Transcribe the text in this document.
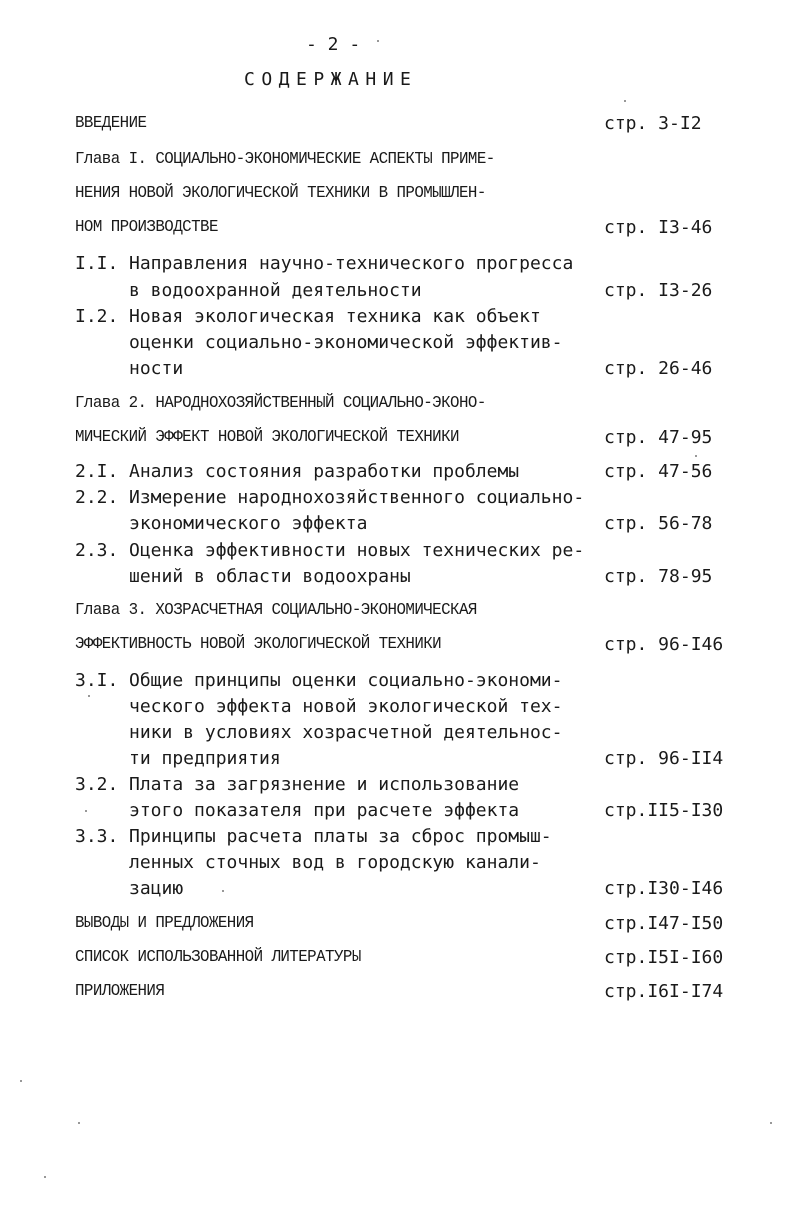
- 2 -
СОДЕРЖАНИЕ
ВВЕДЕНИЕ	стр. 3-I2
Глава I. СОЦИАЛЬНО-ЭКОНОМИЧЕСКИЕ АСПЕКТЫ ПРИМЕ-
НЕНИЯ НОВОЙ ЭКОЛОГИЧЕСКОЙ ТЕХНИКИ В ПРОМЫШЛЕН-
НОМ ПРОИЗВОДСТВЕ	стр. I3-46
I.I. Направления научно-технического прогресса
в водоохранной деятельности	стр. I3-26
I.2. Новая экологическая техника как объект
оценки социально-экономической эффектив-
ности	стр. 26-46
Глава 2. НАРОДНОХОЗЯЙСТВЕННЫЙ СОЦИАЛЬНО-ЭКОНО-
МИЧЕСКИЙ ЭФФЕКТ НОВОЙ ЭКОЛОГИЧЕСКОЙ ТЕХНИКИ	стр. 47-95
2.I. Анализ состояния разработки проблемы	стр. 47-56
2.2. Измерение народнохозяйственного социально-
экономического эффекта	стр. 56-78
2.3. Оценка эффективности новых технических ре-
шений в области водоохраны	стр. 78-95
Глава 3. ХОЗРАСЧЕТНАЯ СОЦИАЛЬНО-ЭКОНОМИЧЕСКАЯ
ЭФФЕКТИВНОСТЬ НОВОЙ ЭКОЛОГИЧЕСКОЙ ТЕХНИКИ	стр. 96-I46
3.I. Общие принципы оценки социально-экономи-
ческого эффекта новой экологической тех-
ники в условиях хозрасчетной деятельнос-
ти предприятия	стр. 96-II4
3.2. Плата за загрязнение и использование
этого показателя при расчете эффекта	стр.II5-I30
3.3. Принципы расчета платы за сброс промыш-
ленных сточных вод в городскую канали-
зацию	стр.I30-I46
ВЫВОДЫ И ПРЕДЛОЖЕНИЯ	стр.I47-I50
СПИСОК ИСПОЛЬЗОВАННОЙ ЛИТЕРАТУРЫ	стр.I5I-I60
ПРИЛОЖЕНИЯ	стр.I6I-I74
